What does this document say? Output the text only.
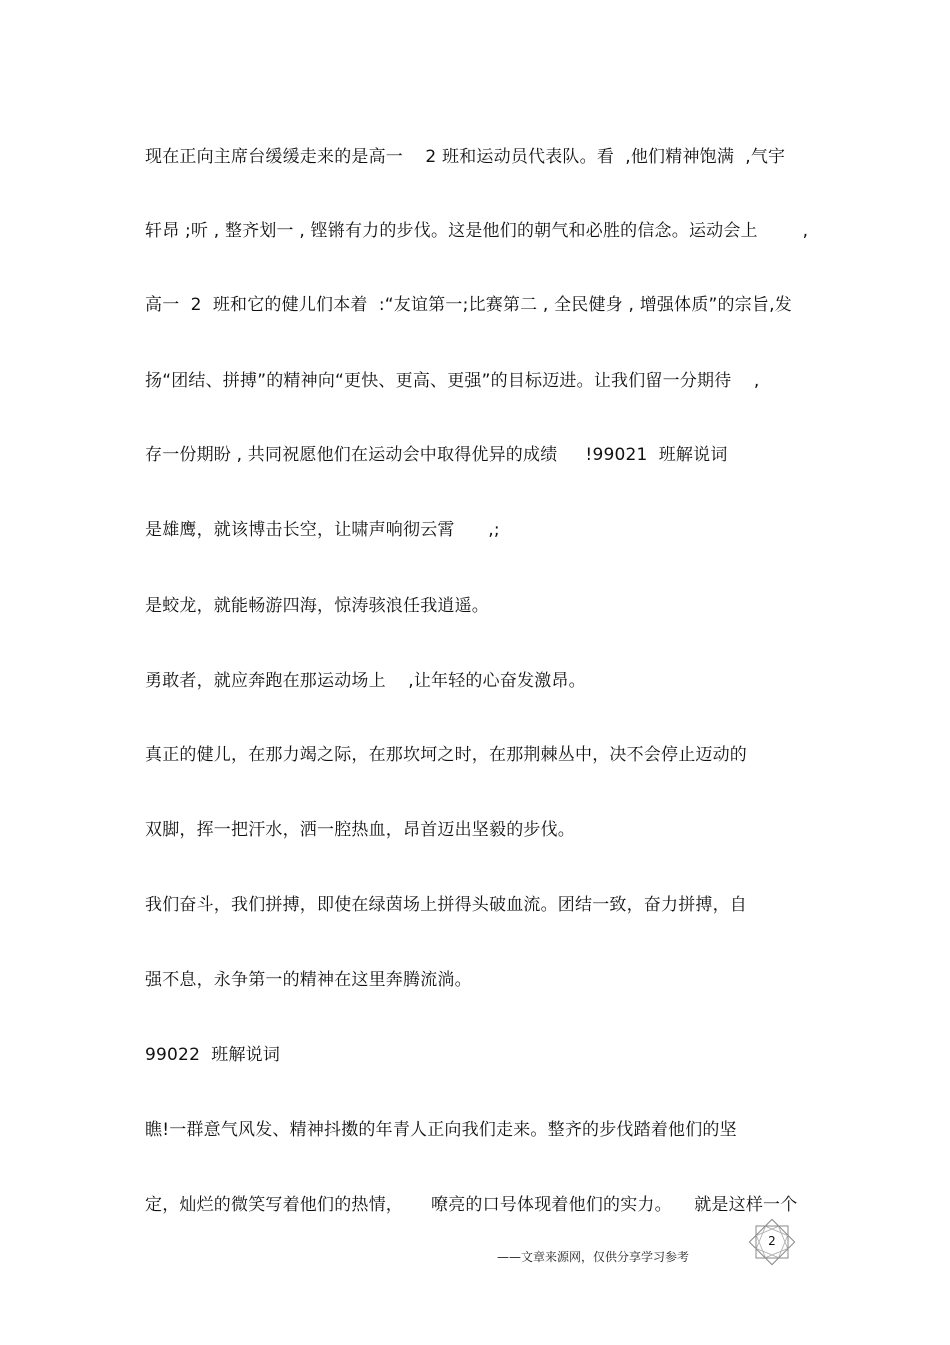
现在正向主席台缓缓走来的是高一    2 班和运动员代表队。看  ,他们精神饱满  ,气宇
轩昂 ;听 , 整齐划一 , 铿锵有力的步伐。这是他们的朝气和必胜的信念。运动会上        ,
高一  2  班和它的健儿们本着  :“友谊第一;比赛第二 , 全民健身 , 增强体质”的宗旨,发
扬“团结、拼搏”的精神向“更快、更高、更强”的目标迈进。让我们留一分期待    ,
存一份期盼 , 共同祝愿他们在运动会中取得优异的成绩     !99021  班解说词
是雄鹰，就该博击长空，让啸声响彻云霄      ,;
是蛟龙，就能畅游四海，惊涛骇浪任我逍遥。
勇敢者，就应奔跑在那运动场上    ,让年轻的心奋发激昂。
真正的健儿，在那力竭之际，在那坎坷之时，在那荆棘丛中，决不会停止迈动的
双脚，挥一把汗水，洒一腔热血，昂首迈出坚毅的步伐。
我们奋斗，我们拼搏，即使在绿茵场上拼得头破血流。团结一致，奋力拼搏，自
强不息，永争第一的精神在这里奔腾流淌。
99022  班解说词
瞧!一群意气风发、精神抖擞的年青人正向我们走来。整齐的步伐踏着他们的坚
定，灿烂的微笑写着他们的热情，     嘹亮的口号体现着他们的实力。    就是这样一个
2
——文章来源网，仅供分享学习参考
